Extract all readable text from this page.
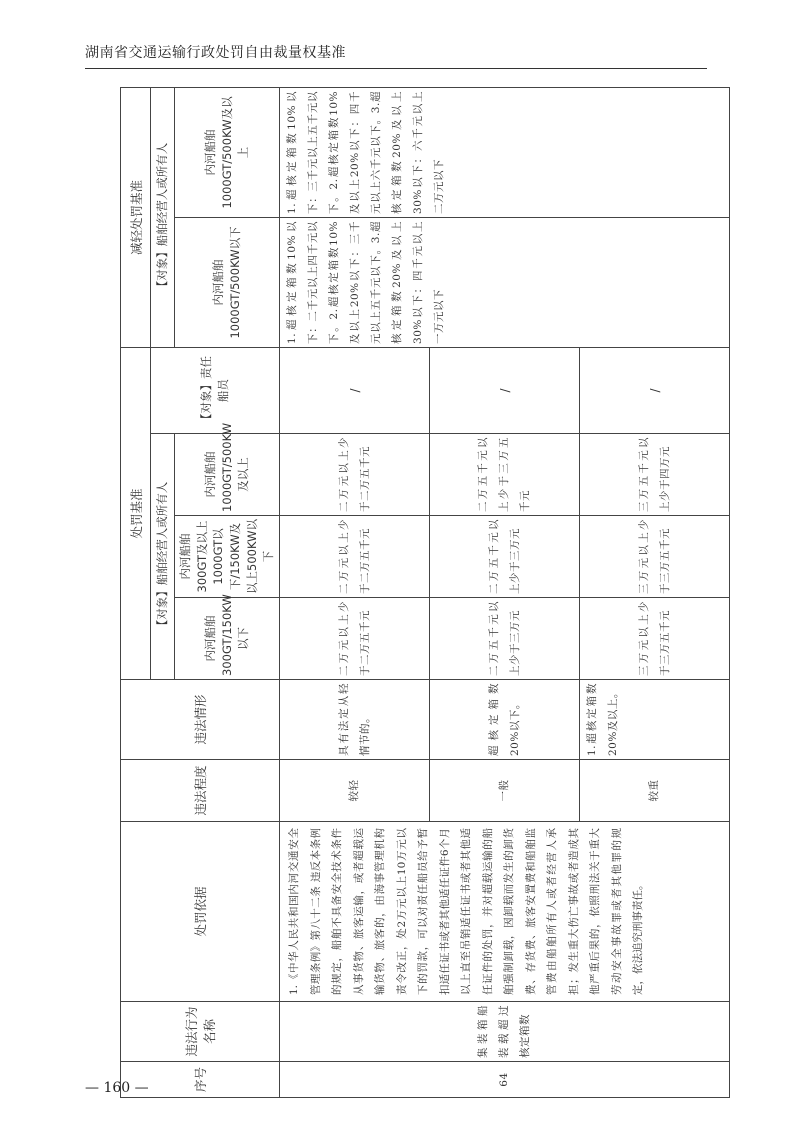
湖南省交通运输行政处罚自由裁量权基准
序号	违法行为名称	处罚依据	违法程度	违法情形	处罚基准				减轻处罚基准	
					【对象】船舶经营人或所有人			【对象】责任船员	【对象】船舶经营人或所有人	
					内河船舶300GT/150KW以下	内河船舶300GT及以上1000GT以下/150KW及以上500KW以下	内河船舶1000GT/500KW及以上		内河船舶1000GT/500KW以下	内河船舶1000GT/500KW及以上
64	集装箱船装载超过核定箱数	1.《中华人民共和国内河交通安全管理条例》第八十二条 违反本条例的规定，船舶不具备安全技术条件从事货物、旅客运输，或者超载运输货物、旅客的，由海事管理机构责令改正，处2万元以上10万元以下的罚款，可以对责任船员给予暂扣适任证书或者其他适任证件6个月以上直至吊销适任证书或者其他适任证件的处罚，并对超载运输的船舶强制卸载，因卸载而发生的卸货费、存货费、旅客安置费和船舶监管费由船舶所有人或者经营人承担；发生重大伤亡事故或者造成其他严重后果的，依照刑法关于重大劳动安全事故罪或者其他罪的规定，依法追究刑事责任。	较轻	具有法定从轻情节的。	二万元以上少于二万五千元	二万元以上少于二万五千元	二万元以上少于二万五千元	/	1.超核定箱数10%以下：二千元以上四千元以下。2.超核定箱数10%及以上20%以下：三千元以上五千元以下。3.超核定箱数20%及以上30%以下：四千元以上一万元以下	1.超核定箱数10%以下：三千元以上五千元以下。2.超核定箱数10%及以上20%以下：四千元以上六千元以下。3.超核定箱数20%及以上30%以下：六千元以上二万元以下
			一般	超核定箱数20%以下。	二万五千元以上少于三万元	二万五千元以上少于三万元	二万五千元以上少于三万五千元	/		
			较重	1.超核定箱数20%及以上。	三万元以上少于三万五千元	三万元以上少于三万五千元	三万五千元以上少于四万元	/		
— 160 —
